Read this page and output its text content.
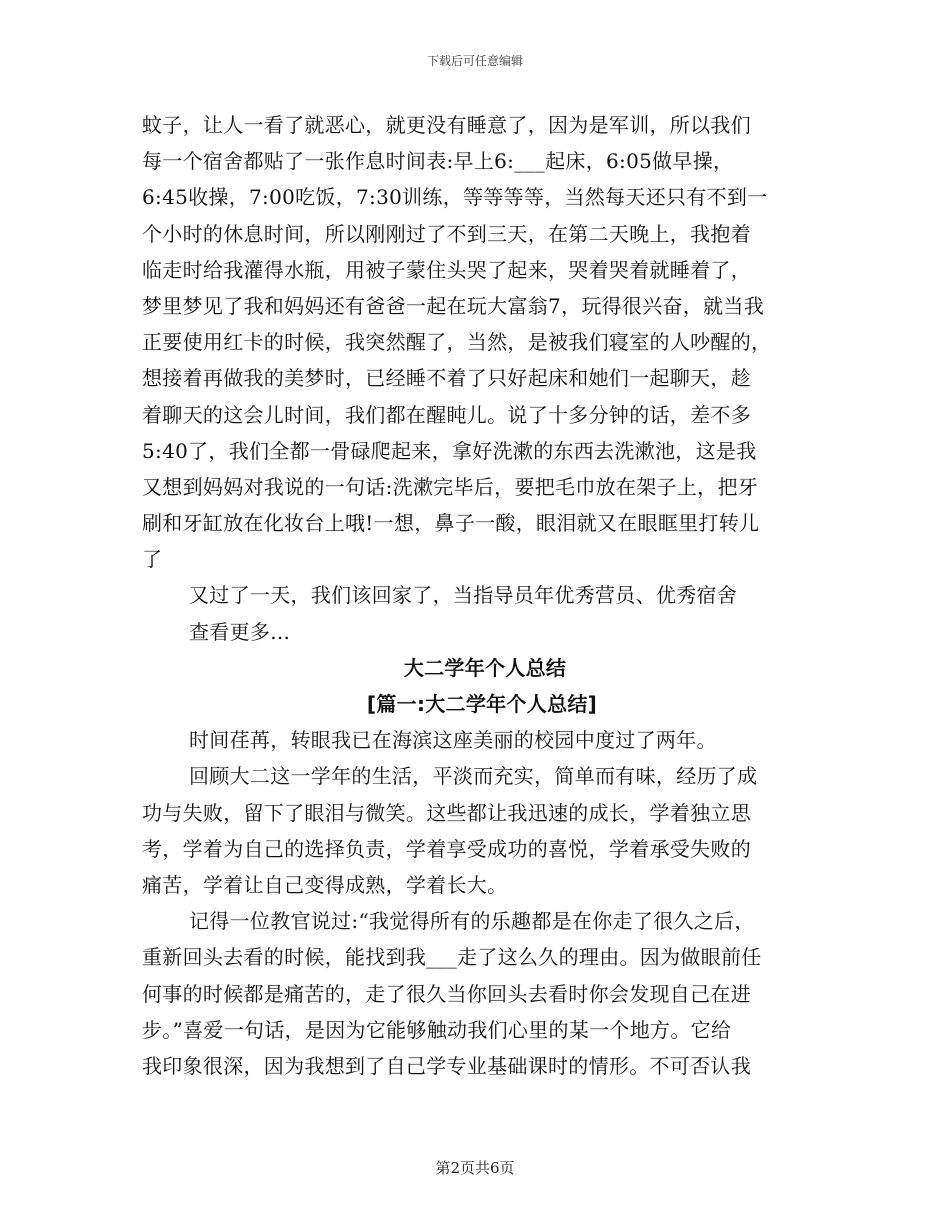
下载后可任意编辑
蚊子，让人一看了就恶心，就更没有睡意了，因为是军训，所以我们
每一个宿舍都贴了一张作息时间表:早上6:___起床，6:05做早操，
6:45收操，7:00吃饭，7:30训练，等等等等，当然每天还只有不到一
个小时的休息时间，所以刚刚过了不到三天，在第二天晚上，我抱着
临走时给我灌得水瓶，用被子蒙住头哭了起来，哭着哭着就睡着了，
梦里梦见了我和妈妈还有爸爸一起在玩大富翁7，玩得很兴奋，就当我
正要使用红卡的时候，我突然醒了，当然，是被我们寝室的人吵醒的，
想接着再做我的美梦时，已经睡不着了只好起床和她们一起聊天，趁
着聊天的这会儿时间，我们都在醒盹儿。说了十多分钟的话，差不多
5:40了，我们全都一骨碌爬起来，拿好洗漱的东西去洗漱池，这是我
又想到妈妈对我说的一句话:洗漱完毕后，要把毛巾放在架子上，把牙
刷和牙缸放在化妆台上哦!一想，鼻子一酸，眼泪就又在眼眶里打转儿
了
又过了一天，我们该回家了，当指导员年优秀营员、优秀宿舍
查看更多...
大二学年个人总结
[篇一:大二学年个人总结]
时间荏苒，转眼我已在海滨这座美丽的校园中度过了两年。
回顾大二这一学年的生活，平淡而充实，简单而有味，经历了成
功与失败，留下了眼泪与微笑。这些都让我迅速的成长，学着独立思
考，学着为自己的选择负责，学着享受成功的喜悦，学着承受失败的
痛苦，学着让自己变得成熟，学着长大。
记得一位教官说过:“我觉得所有的乐趣都是在你走了很久之后，
重新回头去看的时候，能找到我___走了这么久的理由。因为做眼前任
何事的时候都是痛苦的，走了很久当你回头去看时你会发现自己在进
步。”喜爱一句话，是因为它能够触动我们心里的某一个地方。它给
我印象很深，因为我想到了自己学专业基础课时的情形。不可否认我
第2页共6页
